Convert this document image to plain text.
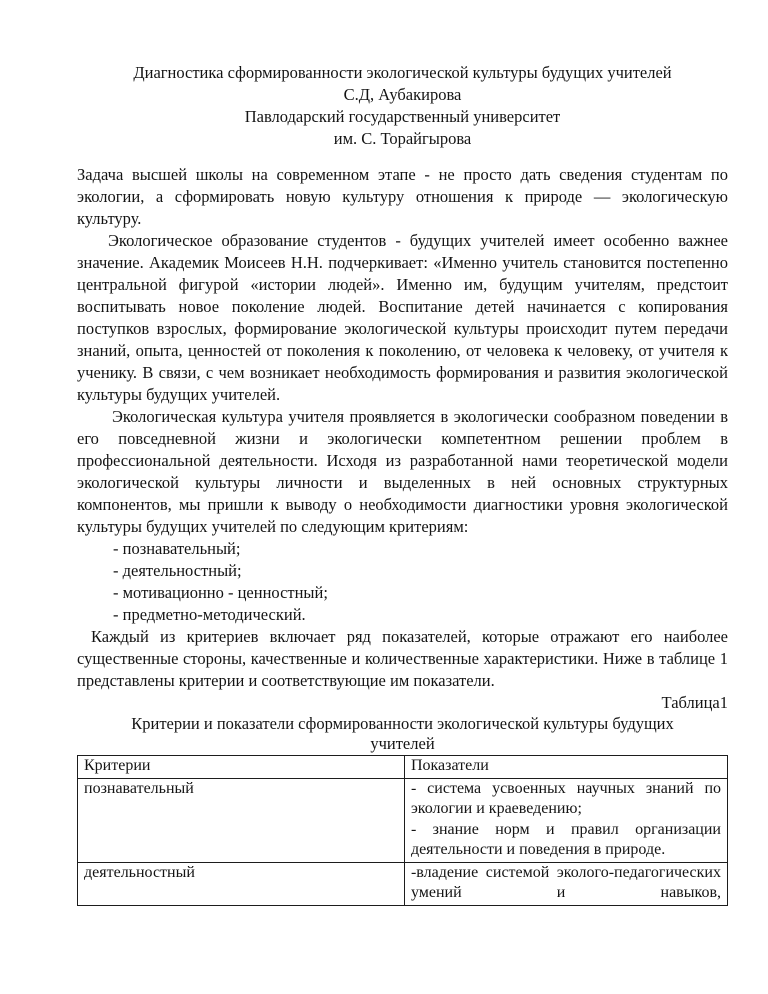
Диагностика сформированности экологической культуры будущих учителей
С.Д, Аубакирова
Павлодарский государственный университет
им. С. Торайгырова

Задача высшей школы на современном этапе - не просто дать сведения студентам по экологии, а сформировать новую культуру отношения к природе — экологическую культуру.

Экологическое образование студентов - будущих учителей имеет особенно важнее значение. Академик Моисеев Н.Н. подчеркивает: «Именно учитель становится постепенно центральной фигурой «истории людей». Именно им, будущим учителям, предстоит воспитывать новое поколение людей. Воспитание детей начинается с копирования поступков взрослых, формирование экологической культуры происходит путем передачи знаний, опыта, ценностей от поколения к поколению, от человека к человеку, от учителя к ученику. В связи, с чем возникает необходимость формирования и развития экологической культуры будущих учителей.

Экологическая культура учителя проявляется в экологически сообразном поведении в его повседневной жизни и экологически компетентном решении проблем в профессиональной деятельности. Исходя из разработанной нами теоретической модели экологической культуры личности и выделенных в ней основных структурных компонентов, мы пришли к выводу о необходимости диагностики уровня экологической культуры будущих учителей по следующим критериям:

- познавательный;
- деятельностный;
- мотивационно - ценностный;
- предметно-методический.

Каждый из критериев включает ряд показателей, которые отражают его наиболее существенные стороны, качественные и количественные характеристики. Ниже в таблице 1 представлены критерии и соответствующие им показатели.

Таблица1
Критерии и показатели сформированности экологической культуры будущих учителей
Критерии	Показатели
познавательный	- система усвоенных научных знаний по экологии и краеведению;
- знание норм и правил организации деятельности и поведения в природе.

деятельностный	-владение системой эколого-педагогических умений и навыков,
